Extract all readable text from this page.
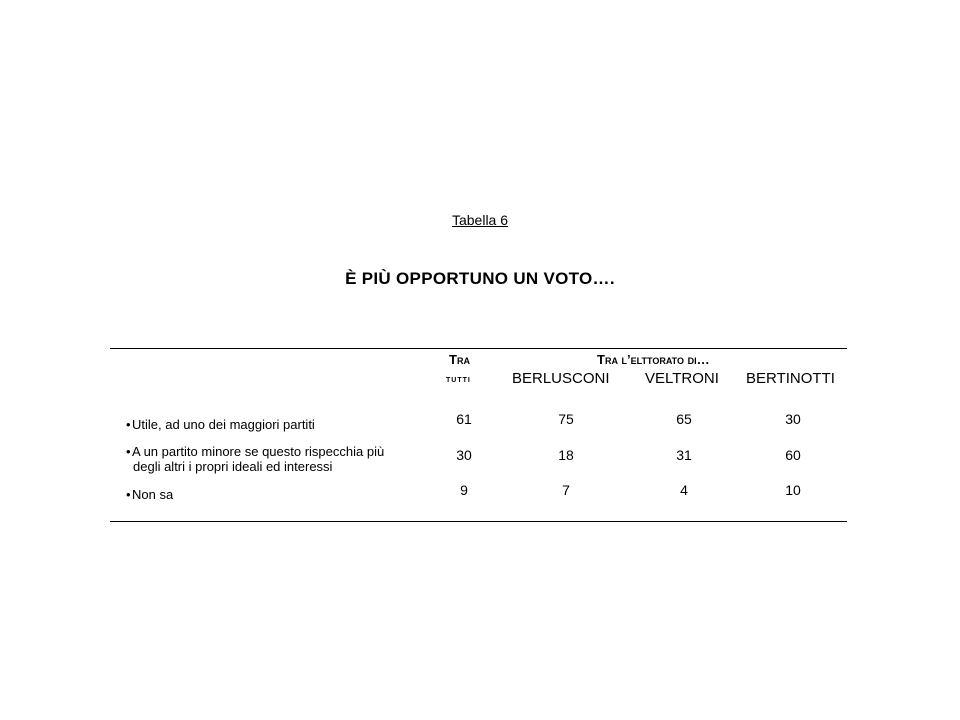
Tabella 6
È PIÙ OPPORTUNO UN VOTO….
Tra
tutti
Tra l’elttorato di…
BERLUSCONI VELTRONI BERTINOTTI
•Utile, ad uno dei maggiori partiti	61	75	65	30
•A un partito minore se questo rispecchia più
degli altri i propri ideali ed interessi
30	18	31	60
•Non sa	9	7	4	10
